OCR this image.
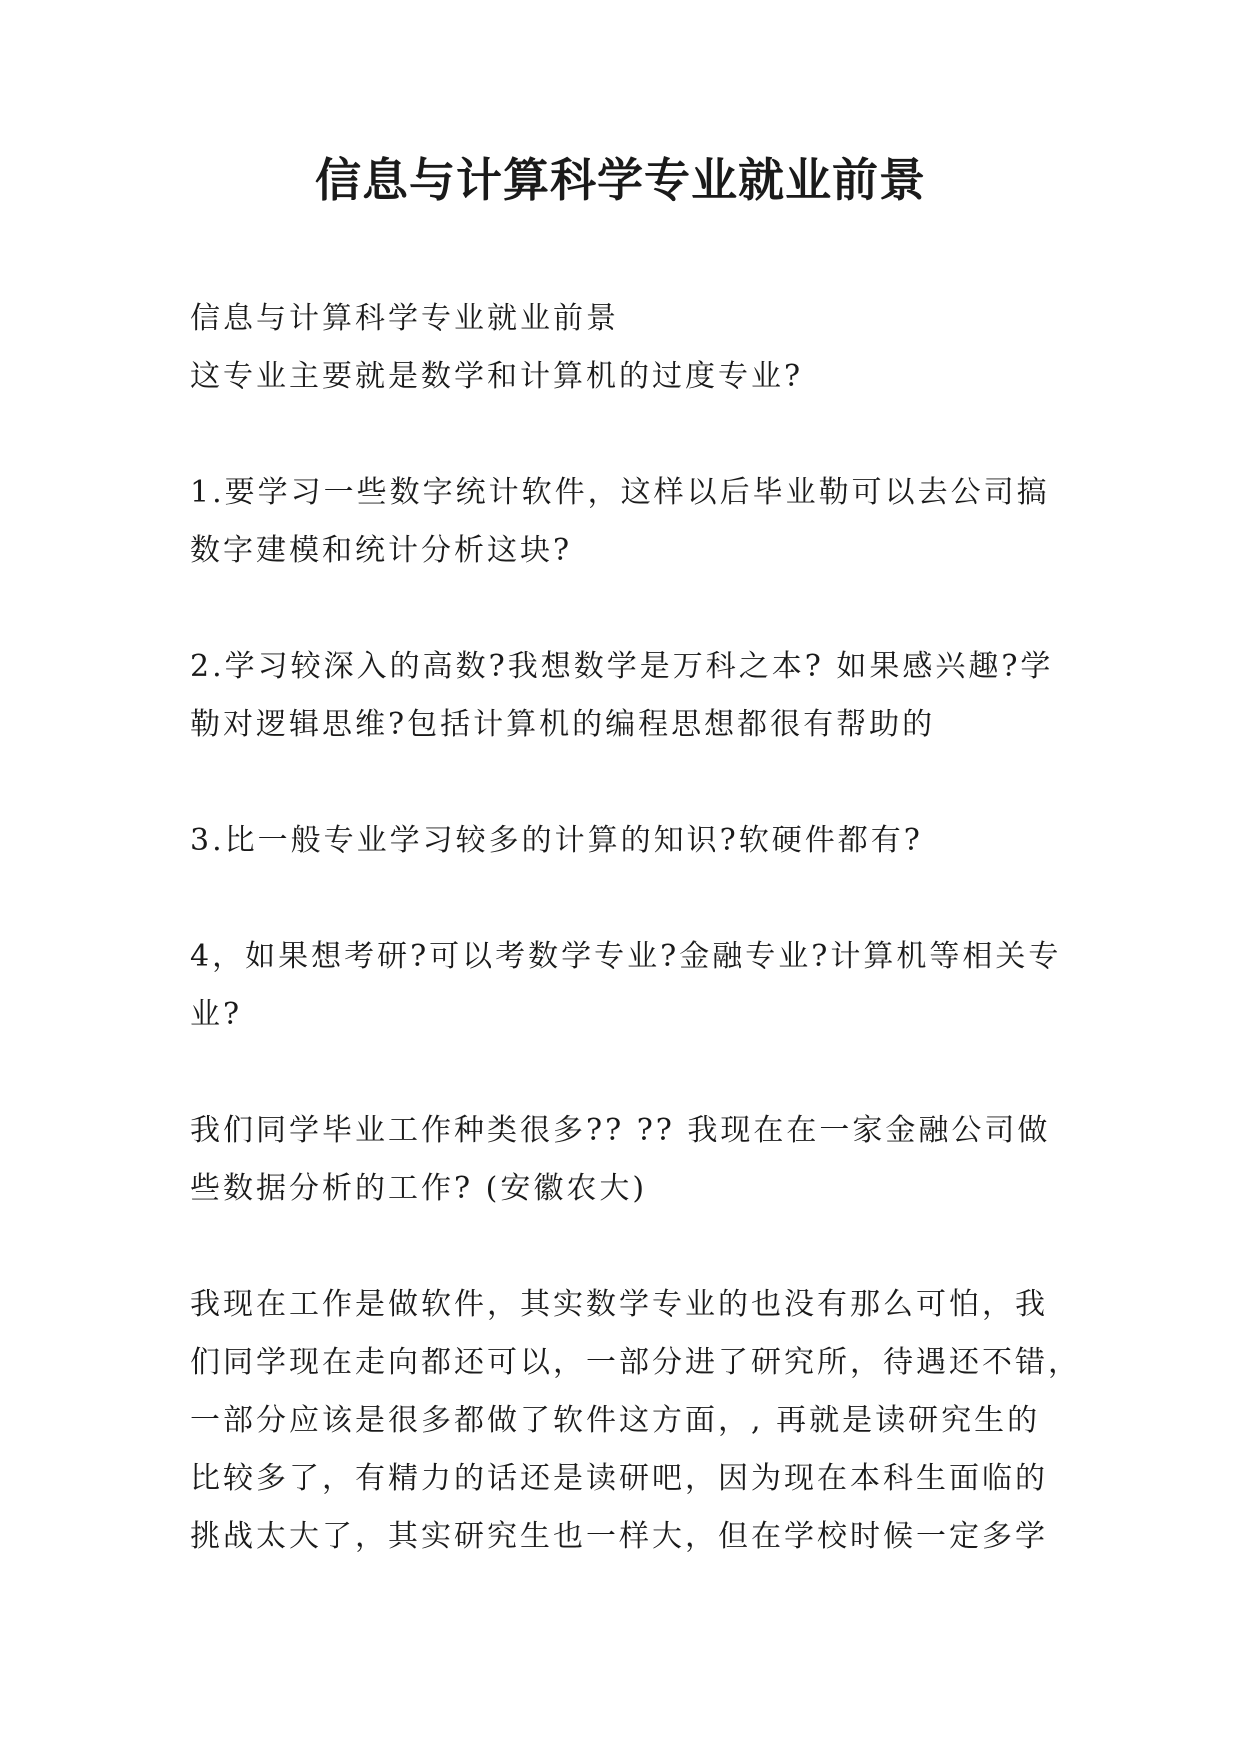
信息与计算科学专业就业前景
信息与计算科学专业就业前景
这专业主要就是数学和计算机的过度专业?
1.要学习一些数字统计软件，这样以后毕业勒可以去公司搞
数字建模和统计分析这块?
2.学习较深入的高数?我想数学是万科之本? 如果感兴趣?学
勒对逻辑思维?包括计算机的编程思想都很有帮助的
3.比一般专业学习较多的计算的知识?软硬件都有?
4，如果想考研?可以考数学专业?金融专业?计算机等相关专
业?
我们同学毕业工作种类很多?? ?? 我现在在一家金融公司做
些数据分析的工作? (安徽农大)
我现在工作是做软件，其实数学专业的也没有那么可怕，我
们同学现在走向都还可以，一部分进了研究所，待遇还不错，
一部分应该是很多都做了软件这方面，, 再就是读研究生的
比较多了，有精力的话还是读研吧，因为现在本科生面临的
挑战太大了，其实研究生也一样大，但在学校时候一定多学
